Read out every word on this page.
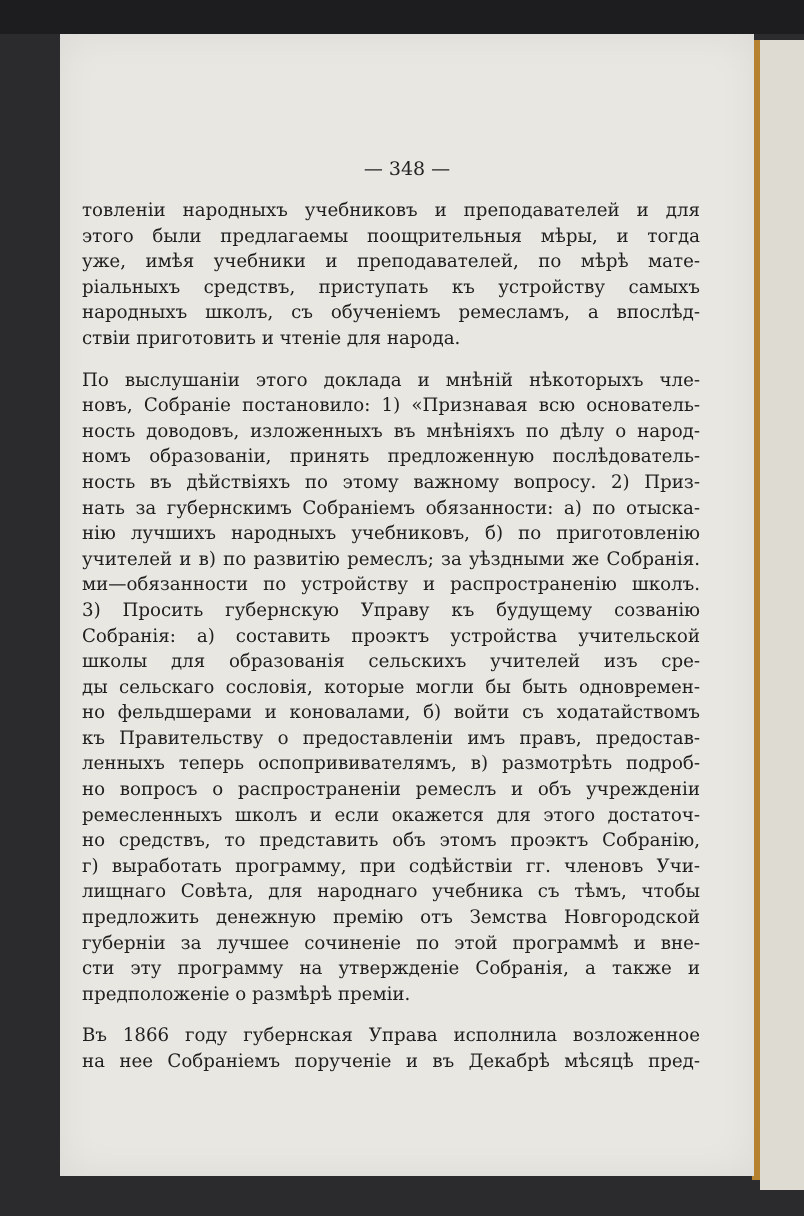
— 348 —

товленіи народныхъ учебниковъ и преподавателей и для
этого были предлагаемы поощрительныя мѣры, и тогда
уже, имѣя учебники и преподавателей, по мѣрѣ мате-
ріальныхъ средствъ, приступать къ устройству самыхъ
народныхъ школъ, съ обученіемъ ремесламъ, а впослѣд-
ствіи приготовить и чтеніе для народа.

По выслушаніи этого доклада и мнѣній нѣкоторыхъ чле-
новъ, Собраніе постановило: 1) «Признавая всю основатель-
ность доводовъ, изложенныхъ въ мнѣніяхъ по дѣлу о народ-
номъ образованіи, принять предложенную послѣдователь-
ность въ дѣйствіяхъ по этому важному вопросу. 2) Приз-
нать за губернскимъ Собраніемъ обязанности: а) по отыска-
нію лучшихъ народныхъ учебниковъ, б) по приготовленію
учителей и в) по развитію ремеслъ; за уѣздными же Собранія.
ми—обязанности по устройству и распространенію школъ.
3) Просить губернскую Управу къ будущему созванію
Собранія: а) составить проэктъ устройства учительской
школы для образованія сельскихъ учителей изъ сре-
ды сельскаго сословія, которые могли бы быть одновремен-
но фельдшерами и коновалами, б) войти съ ходатайствомъ
къ Правительству о предоставленіи имъ правъ, предостав-
ленныхъ теперь оспопрививателямъ, в) размотрѣть подроб-
но вопросъ о распространеніи ремеслъ и объ учрежденіи
ремесленныхъ школъ и если окажется для этого достаточ-
но средствъ, то представить объ этомъ проэктъ Собранію,
г) выработать программу, при содѣйствіи гг. членовъ Учи-
лищнаго Совѣта, для народнаго учебника съ тѣмъ, чтобы
предложить денежную премію отъ Земства Новгородской
губерніи за лучшее сочиненіе по этой программѣ и вне-
сти эту программу на утвержденіе Собранія, а также и
предположеніе о размѣрѣ преміи.

Въ 1866 году губернская Управа исполнила возложенное
на нее Собраніемъ порученіе и въ Декабрѣ мѣсяцѣ пред-
